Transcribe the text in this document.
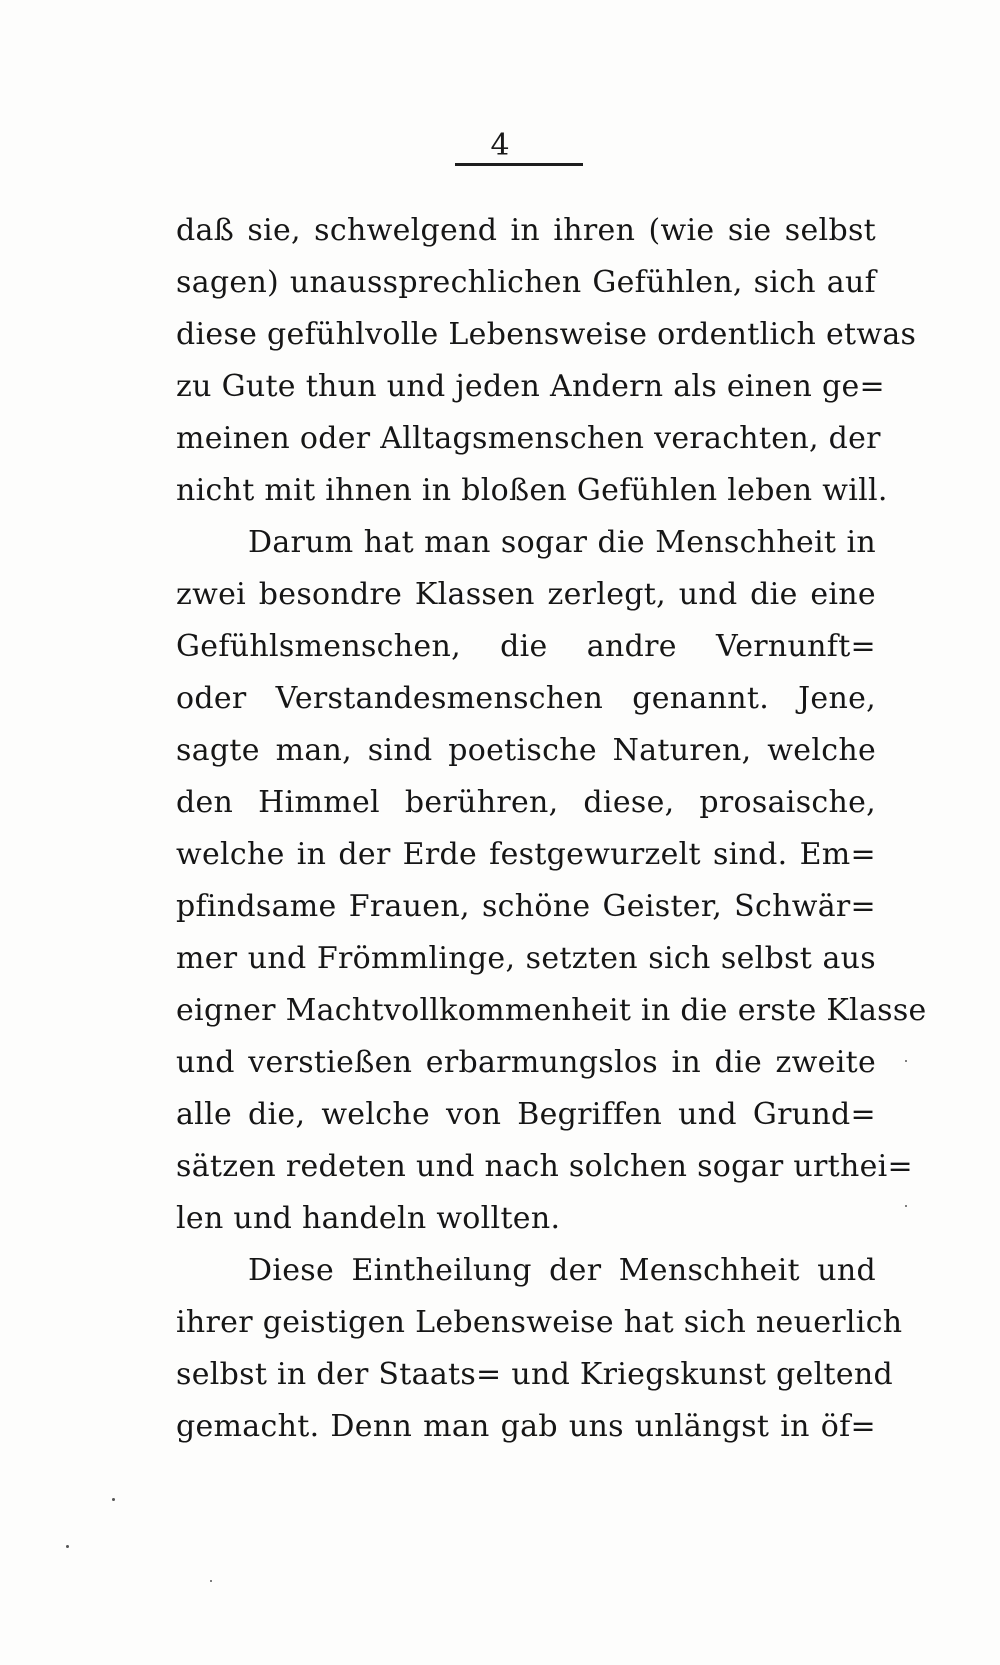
4
daß sie, schwelgend in ihren (wie sie selbst
sagen) unaussprechlichen Gefühlen, sich auf
diese gefühlvolle Lebensweise ordentlich etwas
zu Gute thun und jeden Andern als einen ge=
meinen oder Alltagsmenschen verachten, der
nicht mit ihnen in bloßen Gefühlen leben will.
Darum hat man sogar die Menschheit in
zwei besondre Klassen zerlegt, und die eine
Gefühlsmenschen, die andre Vernunft=
oder Verstandesmenschen genannt. Jene,
sagte man, sind poetische Naturen, welche
den Himmel berühren, diese, prosaische,
welche in der Erde festgewurzelt sind. Em=
pfindsame Frauen, schöne Geister, Schwär=
mer und Frömmlinge, setzten sich selbst aus
eigner Machtvollkommenheit in die erste Klasse
und verstießen erbarmungslos in die zweite
alle die, welche von Begriffen und Grund=
sätzen redeten und nach solchen sogar urthei=
len und handeln wollten.
Diese Eintheilung der Menschheit und
ihrer geistigen Lebensweise hat sich neuerlich
selbst in der Staats= und Kriegskunst geltend
gemacht. Denn man gab uns unlängst in öf=
